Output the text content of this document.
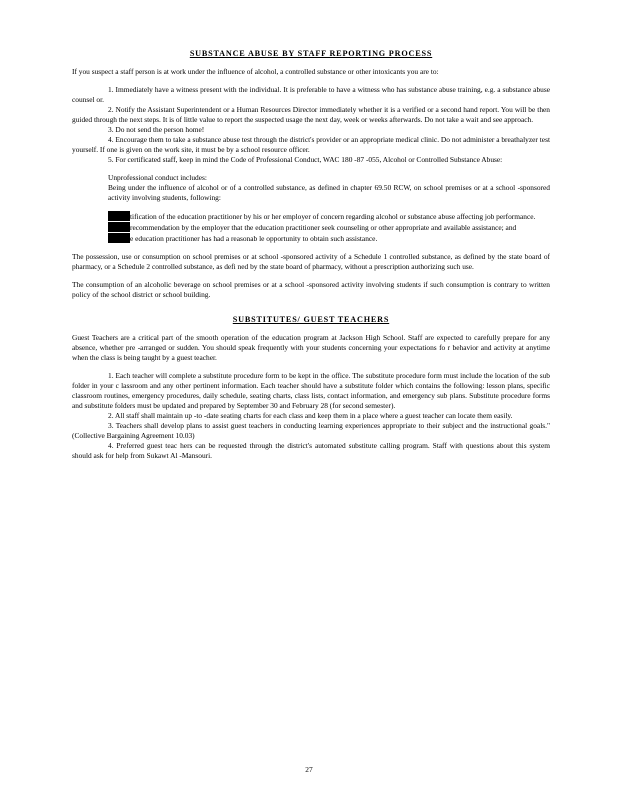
SUBSTANCE ABUSE BY STAFF REPORTING PROCESS

If you suspect a staff person is at work under the influence of alcohol, a controlled substance or other intoxicants you are to:

1. Immediately have a witness present with the individual. It is preferable to have a witness who has substance abuse training, e.g. a substance abuse counsel or.

2. Notify the Assistant Superintendent or a Human Resources Director immediately whether it is a verified or a second hand report. You will be then guided through the next steps. It is of little value to report the suspected usage the next day, week or weeks afterwards. Do not take a wait and see approach.

3. Do not send the person home!

4. Encourage them to take a substance abuse test through the district's provider or an appropriate medical clinic. Do not administer a breathalyzer test yourself. If one is given on the work site, it must be by a school resource officer.

5. For certificated staff, keep in mind the Code of Professional Conduct, WAC 180 -87 -055, Alcohol or Controlled Substance Abuse:

Unprofessional conduct includes:

Being under the influence of alcohol or of a controlled substance, as defined in chapter 69.50 RCW, on school premises or at a school -sponsored activity involving students, following:

tification of the education practitioner by his or her employer of concern regarding alcohol or substance abuse affecting job performance.

recommendation by the employer that the education practitioner seek counseling or other appropriate and available assistance; and

e education practitioner has had a reasonab le opportunity to obtain such assistance.

The possession, use or consumption on school premises or at school -sponsored activity of a Schedule 1 controlled substance, as defined by the state board of pharmacy, or a Schedule 2 controlled substance, as defi ned by the state board of pharmacy, without a prescription authorizing such use.

The consumption of an alcoholic beverage on school premises or at a school -sponsored activity involving students if such consumption is contrary to written policy of the school district or school building.

SUBSTITUTES/ GUEST TEACHERS

Guest Teachers are a critical part of the smooth operation of the education program at Jackson High School. Staff are expected to carefully prepare for any absence, whether pre -arranged or sudden. You should speak frequently with your students concerning your expectations fo r behavior and activity at anytime when the class is being taught by a guest teacher.

1. Each teacher will complete a substitute procedure form to be kept in the office. The substitute procedure form must include the location of the sub folder in your c lassroom and any other pertinent information. Each teacher should have a substitute folder which contains the following: lesson plans, specific classroom routines, emergency procedures, daily schedule, seating charts, class lists, contact information, and emergency sub plans. Substitute procedure forms and substitute folders must be updated and prepared by September 30 and February 28 (for second semester).

2. All staff shall maintain up -to -date seating charts for each class and keep them in a place where a guest teacher can locate them easily.

3. Teachers shall develop plans to assist guest teachers in conducting learning experiences appropriate to their subject and the instructional goals." (Collective Bargaining Agreement 10.03)

4. Preferred guest teac hers can be requested through the district's automated substitute calling program. Staff with questions about this system should ask for help from Sukawt Al -Mansouri.

27
